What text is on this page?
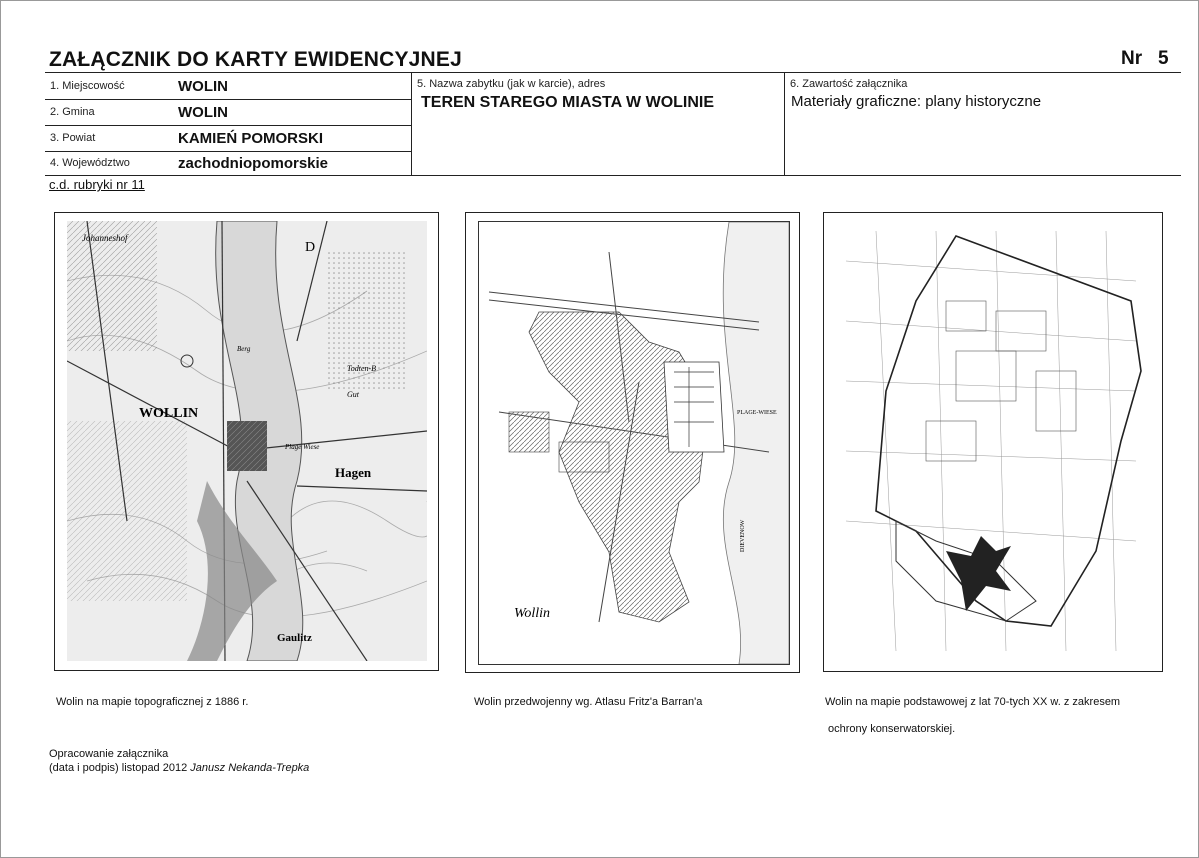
ZAŁĄCZNIK DO KARTY EWIDENCYJNEJ	Nr 5
1. Miejscowość	WOLIN
2. Gmina	WOLIN
3. Powiat	KAMIEŃ POMORSKI
4. Województwo	zachodniopomorskie
5. Nazwa zabytku (jak w karcie), adres
TEREN STAREGO MIASTA W WOLINIE
6. Zawartość załącznika
Materiały graficzne: plany historyczne
c.d. rubryki nr 11
Johanneshof
WOLLIN
Hagen
Plage Wiese
Todten-B
Gaulitz
Gut
Berg
D
Wollin
PLAGE-WIESE
DIEVENOW
Wolin na mapie topograficznej z 1886 r.	Wolin przedwojenny wg. Atlasu Fritz'a Barran'a	Wolin na mapie podstawowej z lat 70-tych XX w. z zakresem
ochrony konserwatorskiej.
Opracowanie załącznika
(data i podpis) listopad 2012 Janusz Nekanda-Trepka
